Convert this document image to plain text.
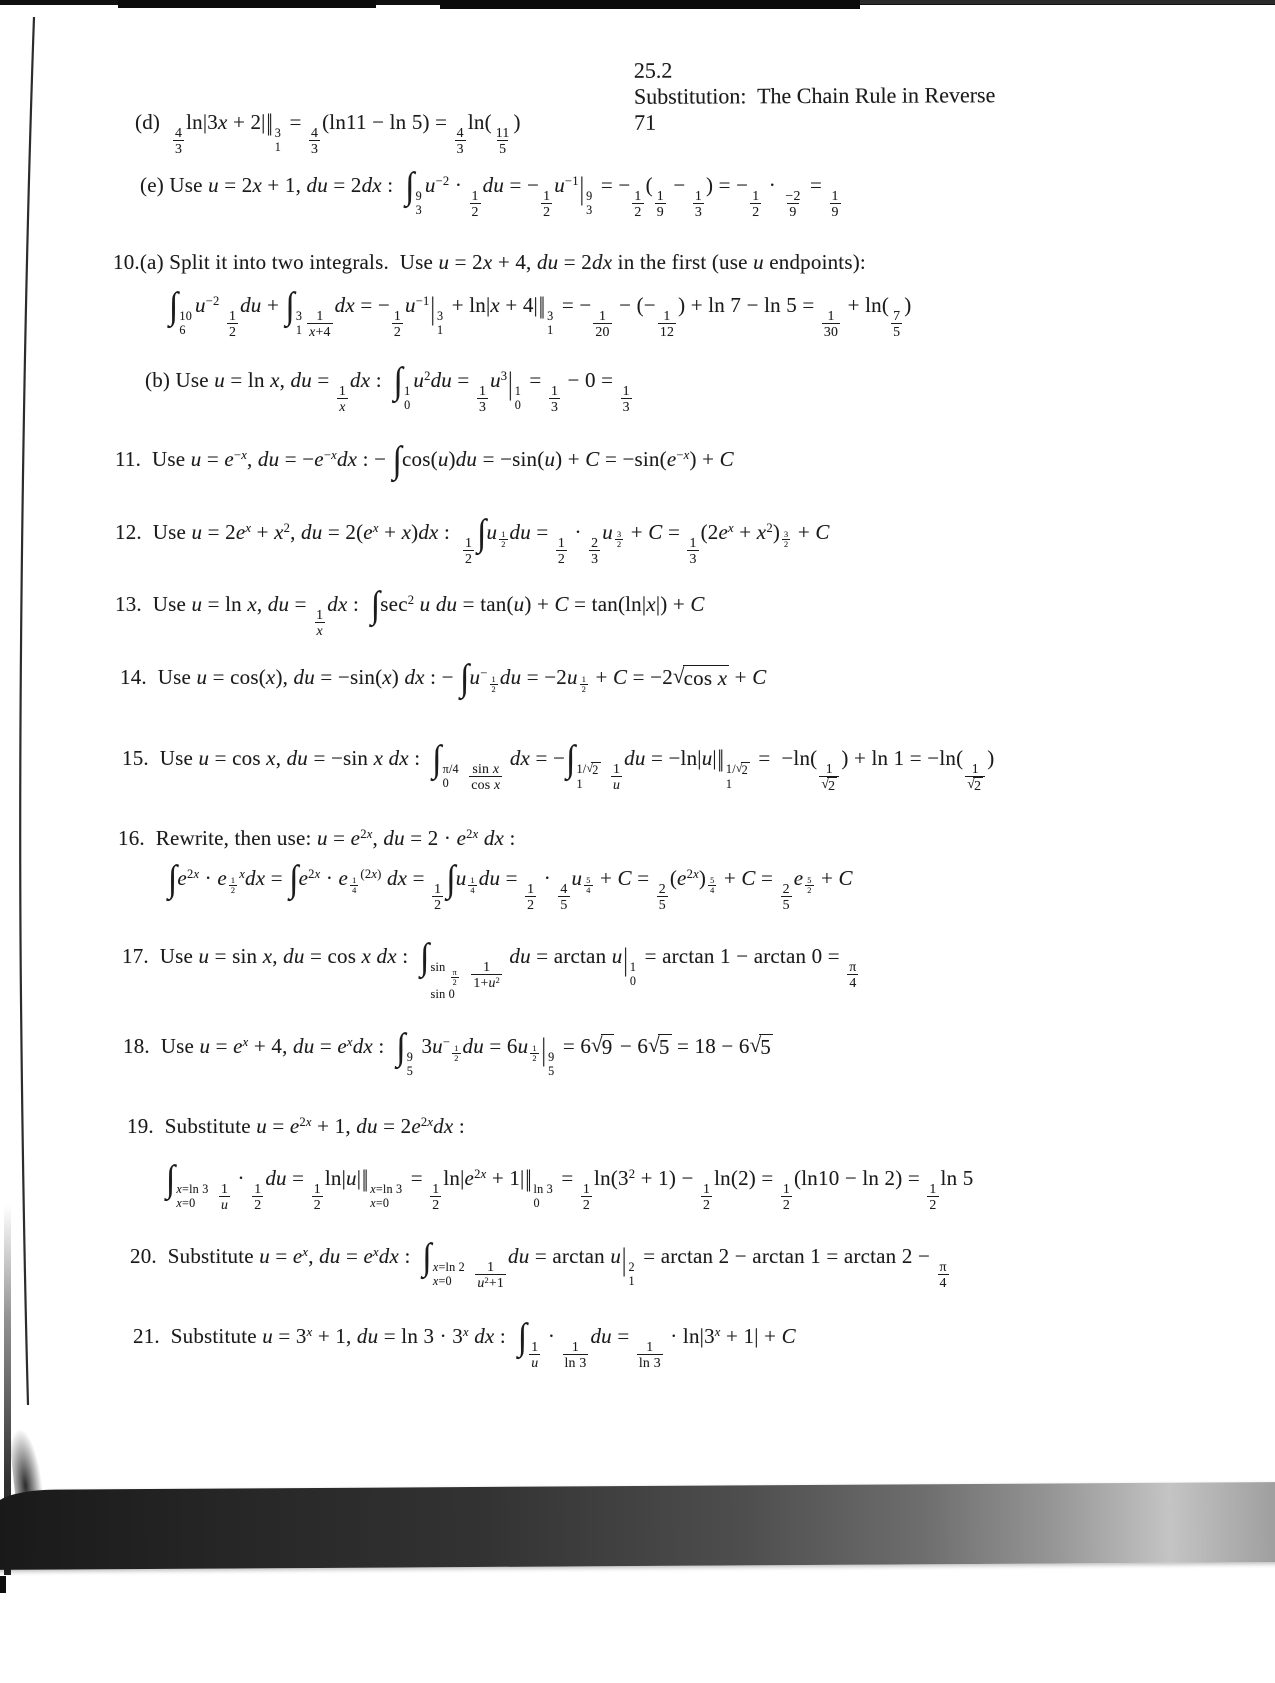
25.2
Substitution:  The Chain Rule in Reverse
71

(d)
$\frac{4}{3}$
ln|3x + 2|‖ 3
1
=
$\frac{4}{3}$
(ln11 − ln 5) =
$\frac{4}{3}$
ln(
$\frac{11}{5}$
)
(e) Use u = 2x + 1, du = 2dx :  ∫ 9
3
u−2 ·
$\frac{1}{2}$
du = −
$\frac{1}{2}$
u−1| 9
3
= −
$\frac{1}{2}$
(
$\frac{1}{9}$
−
$\frac{1}{3}$
) = −
$\frac{1}{2}$
·
$\frac{-2}{9}$
=
$\frac{1}{9}$
10.(a) Split it into two integrals.  Use u = 2x + 4, du = 2dx in the first (use u endpoints):
∫ 10
6
u−2
$\frac{1}{2}$
du + ∫ 3
$1 \frac{1}{x+4}$
dx = −
$\frac{1}{2}$
u−1| 3
1
+ ln|x + 4|‖ 3
1
= −
$\frac{1}{20}$
− (−
$\frac{1}{12}$
) + ln 7 − ln 5 =
$\frac{1}{30}$
+ ln(
$\frac{7}{5}$
)
(b) Use u = ln x, du =
$\frac{1}{x}$
dx :  ∫ 1
0
u2du =
$\frac{1}{3}$
u3| 1
0
=
$\frac{1}{3}$
− 0 =
$\frac{1}{3}$
11.  Use u = e−x, du = −e−xdx : − ∫cos(u)du = −sin(u) + C = −sin(e−x) + C
12.  Use u = 2ex + x2, du = 2(ex + x)dx :
$\frac{1}{2} \int u \frac{1}{2}$ du =
$\frac{1}{2}$
·
$\frac{2}{3}$
u $\frac{3}{2} + C$ =
$\frac{1}{3}$
$(2ex + x2) \frac{3}{2} + C$
13.  Use u = ln x, du =
$\frac{1}{x}$
dx :  ∫sec2 u du = tan(u) + C = tan(ln|x|) + C
14.  Use u = cos(x), du = −sin(x) dx : − ∫u−
$\frac{1}{2}$ du = $-2u \frac{1}{2} + C = -2$ √ cos x + C
15.  Use u = cos x, du = −sin x dx :  ∫ π/4
0
$\frac{\text{sin x}}{\text{cos x}}$
dx = −∫ 1/ √ 2
1
$\frac{1}{u}$
du = −ln|u|‖ 1/ √ 2
1
=  −ln(
$\frac{1}{√ 2}$
) + ln 1 = −ln(
$\frac{1}{√ 2}$
)
16.  Rewrite, then use: u = e2x, du = 2 · e2x dx :
∫e2x · e $\frac{1}{2}$
xdx = ∫e2x · e $\frac{1}{4}$
(2x) dx =
$\frac{1}{2} \int u \frac{1}{4}$ du =
$\frac{1}{2}$
·
$\frac{4}{5}$
u $\frac{5}{4} + C$ =
$\frac{2}{5}$
$(e2x) \frac{5}{4} + C$ =
$\frac{2}{5}$
e $\frac{5}{2} + C$
17.  Use u = sin x, du = cos x dx :  ∫ sin
$\frac{\pi}{2}$
sin 0

$\frac{1}{1+u2}$
du = arctan u| 1
0
= arctan 1 − arctan 0 =
$\frac{\pi}{4}$
18.  Use u = ex + 4, du = exdx :  ∫ 9
5
3u−
$\frac{1}{2}$ du = $6u \frac{1}{2}$ | 9
5
= 6 √ 9 − 6 √ 5 = 18 − 6 √ 5
19.  Substitute u = e2x + 1, du = 2e2xdx :
∫ x=ln 3
x=0
$\frac{1}{u}$
·
$\frac{1}{2}$
du =
$\frac{1}{2}$
ln|u|‖ x=ln 3
x=0
=
$\frac{1}{2}$
ln|e2x + 1|‖ ln 3
0
=
$\frac{1}{2}$
ln(32 + 1) −
$\frac{1}{2}$
ln(2) =
$\frac{1}{2}$
(ln10 − ln 2) =
$\frac{1}{2}$
ln 5
20.  Substitute u = ex, du = exdx :  ∫ x=ln 2
x=0
$\frac{1}{u2+1}$
du = arctan u| 2
1
= arctan 2 − arctan 1 = arctan 2 −
$\frac{\pi}{4}$
21.  Substitute u = 3x + 1, du = ln 3 · 3x dx :  ∫ $\frac{1}{u}$
·
$\frac{1}{\ln 3}$
du =
$\frac{1}{\ln 3}$
· ln|3x + 1| + C
